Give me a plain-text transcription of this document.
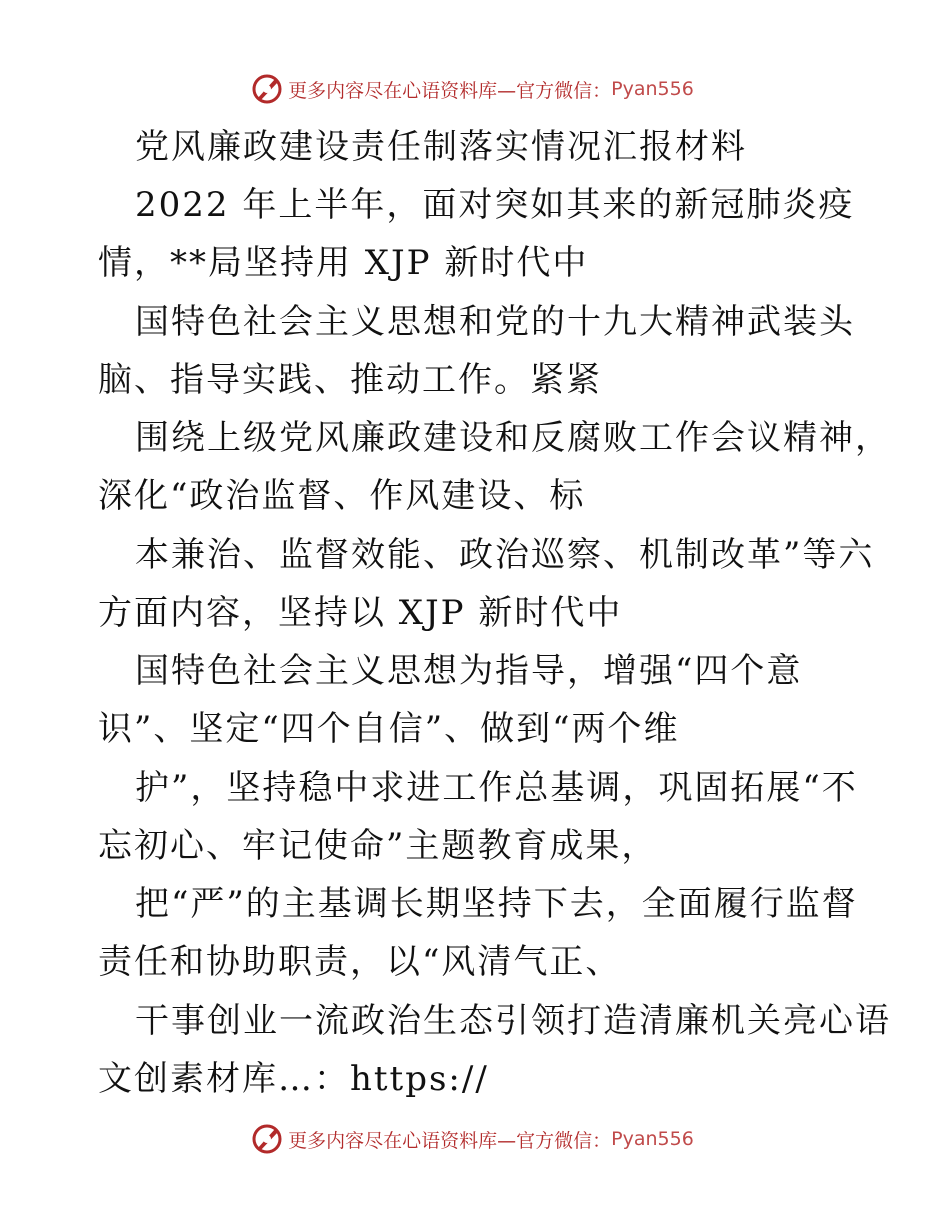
更多内容尽在心语资料库—官方微信： Pyan556
党风廉政建设责任制落实情况汇报材料
2022 年上半年，面对突如其来的新冠肺炎疫
情，**局坚持用 XJP 新时代中
国特色社会主义思想和党的十九大精神武装头
脑、指导实践、推动工作。紧紧
围绕上级党风廉政建设和反腐败工作会议精神，
深化“政治监督、作风建设、标
本兼治、监督效能、政治巡察、机制改革”等六
方面内容，坚持以 XJP 新时代中
国特色社会主义思想为指导，增强“四个意
识”、坚定“四个自信”、做到“两个维
护”，坚持稳中求进工作总基调，巩固拓展“不
忘初心、牢记使命”主题教育成果，
把“严”的主基调长期坚持下去，全面履行监督
责任和协助职责，以“风清气正、
干事创业一流政治生态引领打造清廉机关亮心语
文创素材库…：https://
更多内容尽在心语资料库—官方微信： Pyan556
